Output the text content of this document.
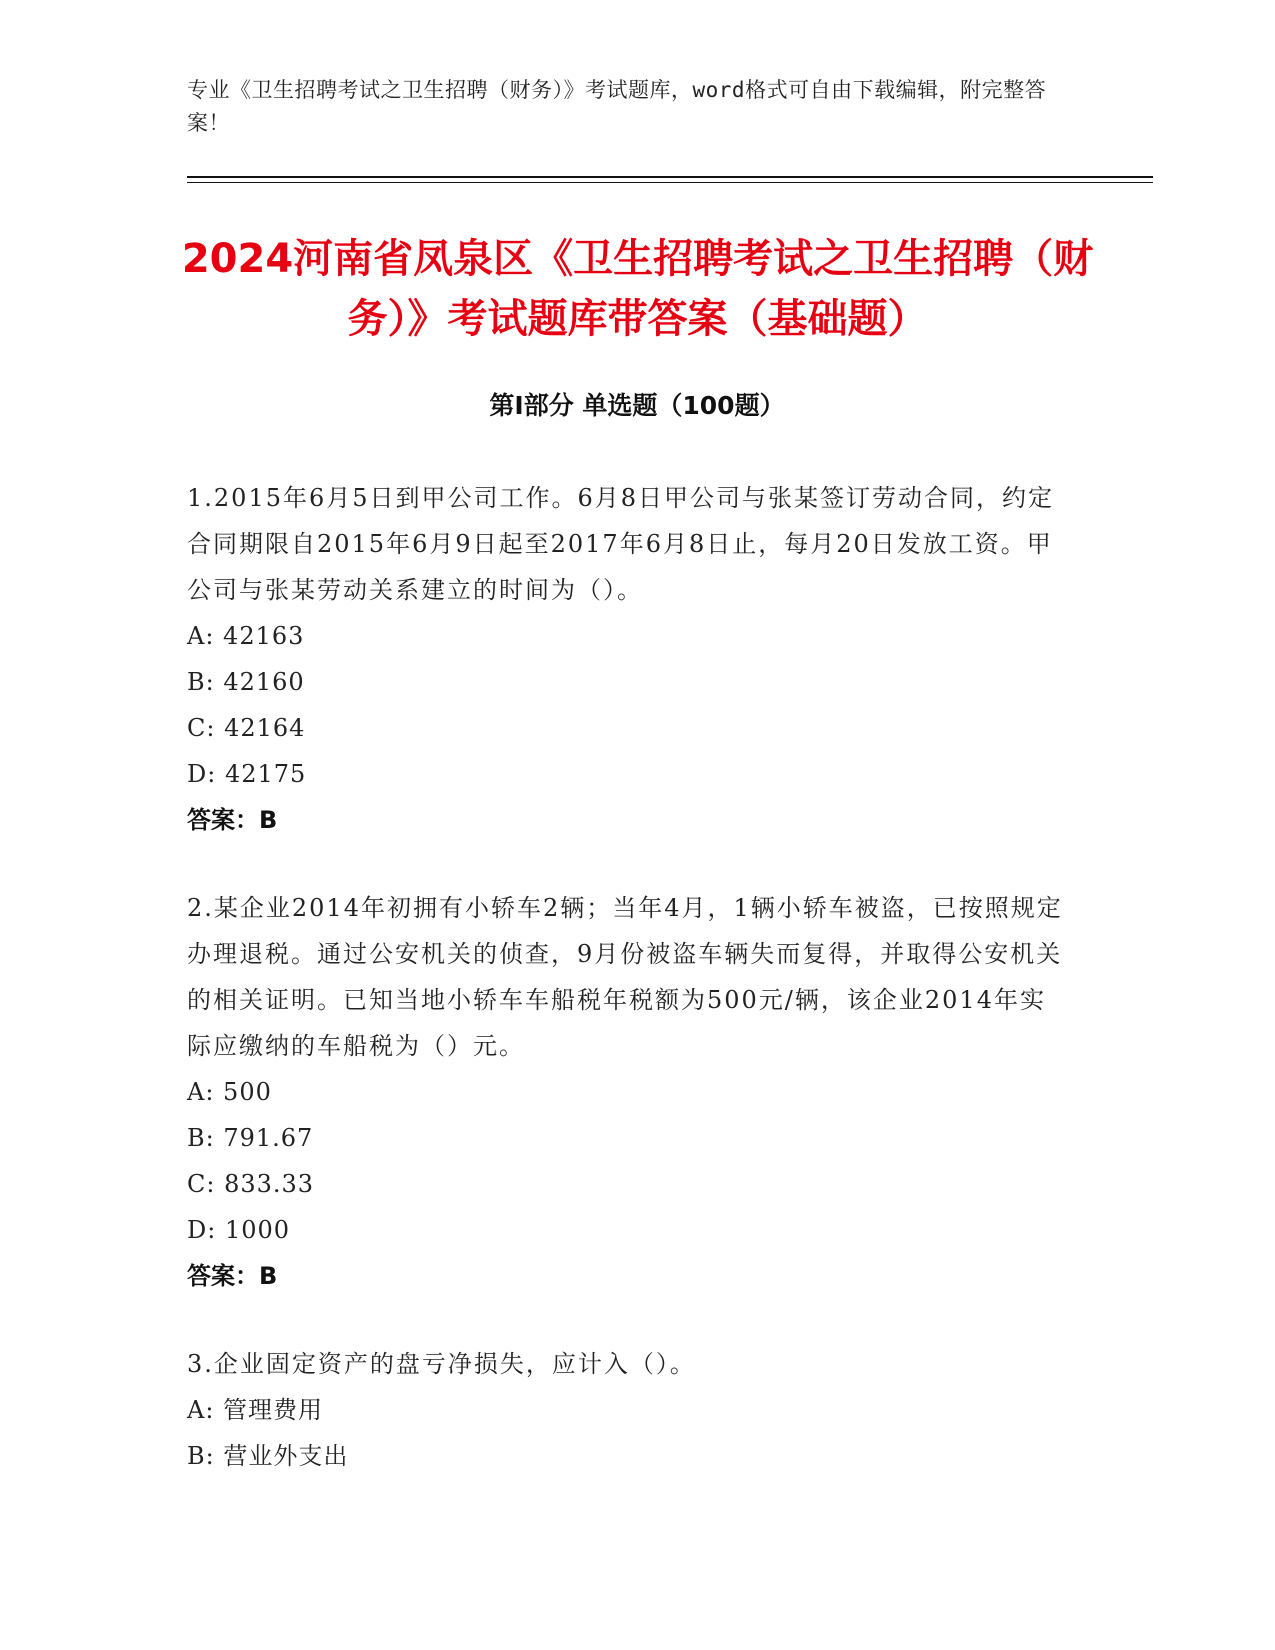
专业《卫生招聘考试之卫生招聘（财务）》考试题库，word格式可自由下载编辑，附完整答案！
2024河南省凤泉区《卫生招聘考试之卫生招聘（财务）》考试题库带答案（基础题）
第I部分 单选题（100题）

1.2015年6月5日到甲公司工作。6月8日甲公司与张某签订劳动合同，约定合同期限自2015年6月9日起至2017年6月8日止，每月20日发放工资。甲公司与张某劳动关系建立的时间为（）。

A: 42163

B: 42160

C: 42164

D: 42175

答案：B

2.某企业2014年初拥有小轿车2辆；当年4月，1辆小轿车被盗，已按照规定办理退税。通过公安机关的侦查，9月份被盗车辆失而复得，并取得公安机关的相关证明。已知当地小轿车车船税年税额为500元/辆，该企业2014年实际应缴纳的车船税为（）元。

A: 500

B: 791.67

C: 833.33

D: 1000

答案：B

3.企业固定资产的盘亏净损失，应计入（）。

A: 管理费用

B: 营业外支出
